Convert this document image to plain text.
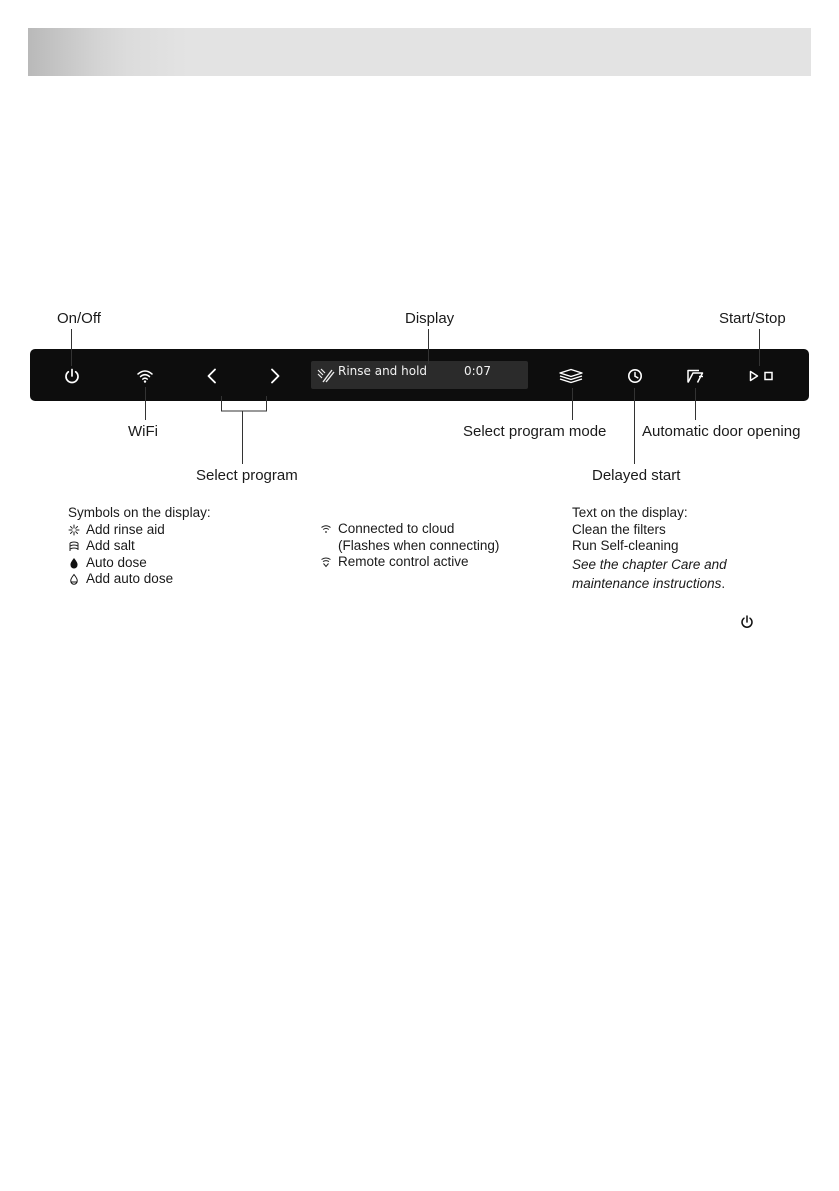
On/Off	Display	Start/Stop
WiFi
Select program
Select program mode Automatic door opening
Delayed start
Rinse and hold	0:07
Symbols on the display:
Add rinse aid
Add salt
Auto dose
Add auto dose
Connected to cloud
(Flashes when connecting)
Remote control active
Text on the display:
Clean the filters
Run Self-cleaning
See the chapter Care and
maintenance instructions .
